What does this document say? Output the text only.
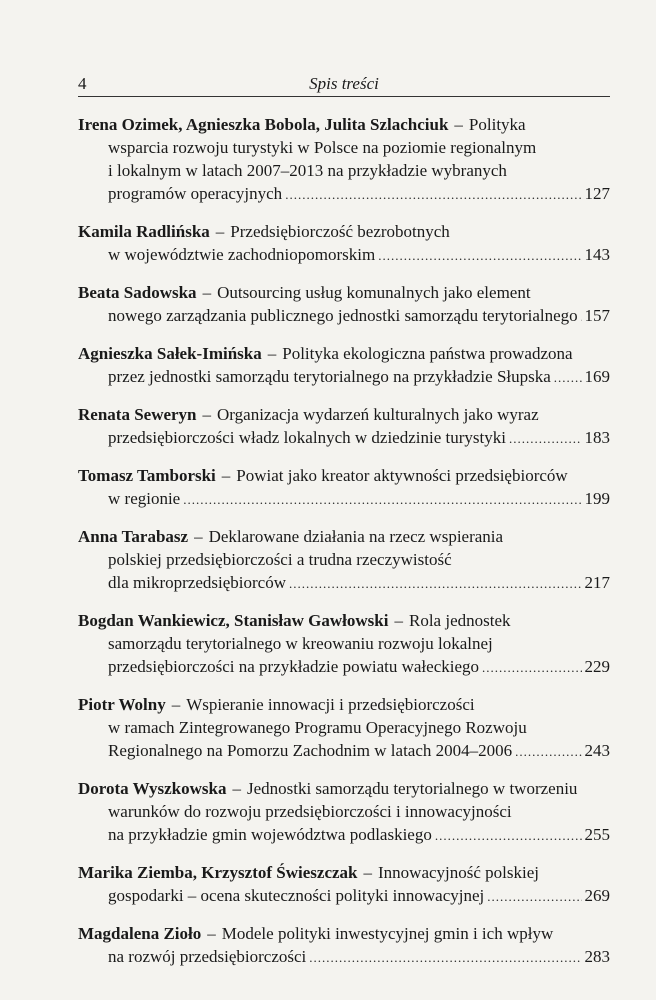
4	Spis treści
Irena Ozimek, Agnieszka Bobola, Julita Szlachciuk – Polityka
wsparcia rozwoju turystyki w Polsce na poziomie regionalnym
i lokalnym w latach 2007–2013 na przykładzie wybranych
programów operacyjnych .....	127
Kamila Radlińska – Przedsiębiorczość bezrobotnych
w województwie zachodniopomorskim .....	143
Beata Sadowska – Outsourcing usług komunalnych jako element
nowego zarządzania publicznego jednostki samorządu terytorialnego ..... 157
Agnieszka Sałek-Imińska – Polityka ekologiczna państwa prowadzona
przez jednostki samorządu terytorialnego na przykładzie Słupska ..... 169
Renata Seweryn – Organizacja wydarzeń kulturalnych jako wyraz
przedsiębiorczości władz lokalnych w dziedzinie turystyki .....	183
Tomasz Tamborski – Powiat jako kreator aktywności przedsiębiorców
w regionie .....	199
Anna Tarabasz – Deklarowane działania na rzecz wspierania
polskiej przedsiębiorczości a trudna rzeczywistość
dla mikroprzedsiębiorców .....	217
Bogdan Wankiewicz, Stanisław Gawłowski – Rola jednostek
samorządu terytorialnego w kreowaniu rozwoju lokalnej
przedsiębiorczości na przykładzie powiatu wałeckiego .....	229
Piotr Wolny – Wspieranie innowacji i przedsiębiorczości
w ramach Zintegrowanego Programu Operacyjnego Rozwoju
Regionalnego na Pomorzu Zachodnim w latach 2004–2006 .....	243
Dorota Wyszkowska – Jednostki samorządu terytorialnego w tworzeniu
warunków do rozwoju przedsiębiorczości i innowacyjności
na przykładzie gmin województwa podlaskiego .....	255
Marika Ziemba, Krzysztof Świeszczak – Innowacyjność polskiej
gospodarki – ocena skuteczności polityki innowacyjnej .....	269
Magdalena Zioło – Modele polityki inwestycyjnej gmin i ich wpływ
na rozwój przedsiębiorczości .....	283
